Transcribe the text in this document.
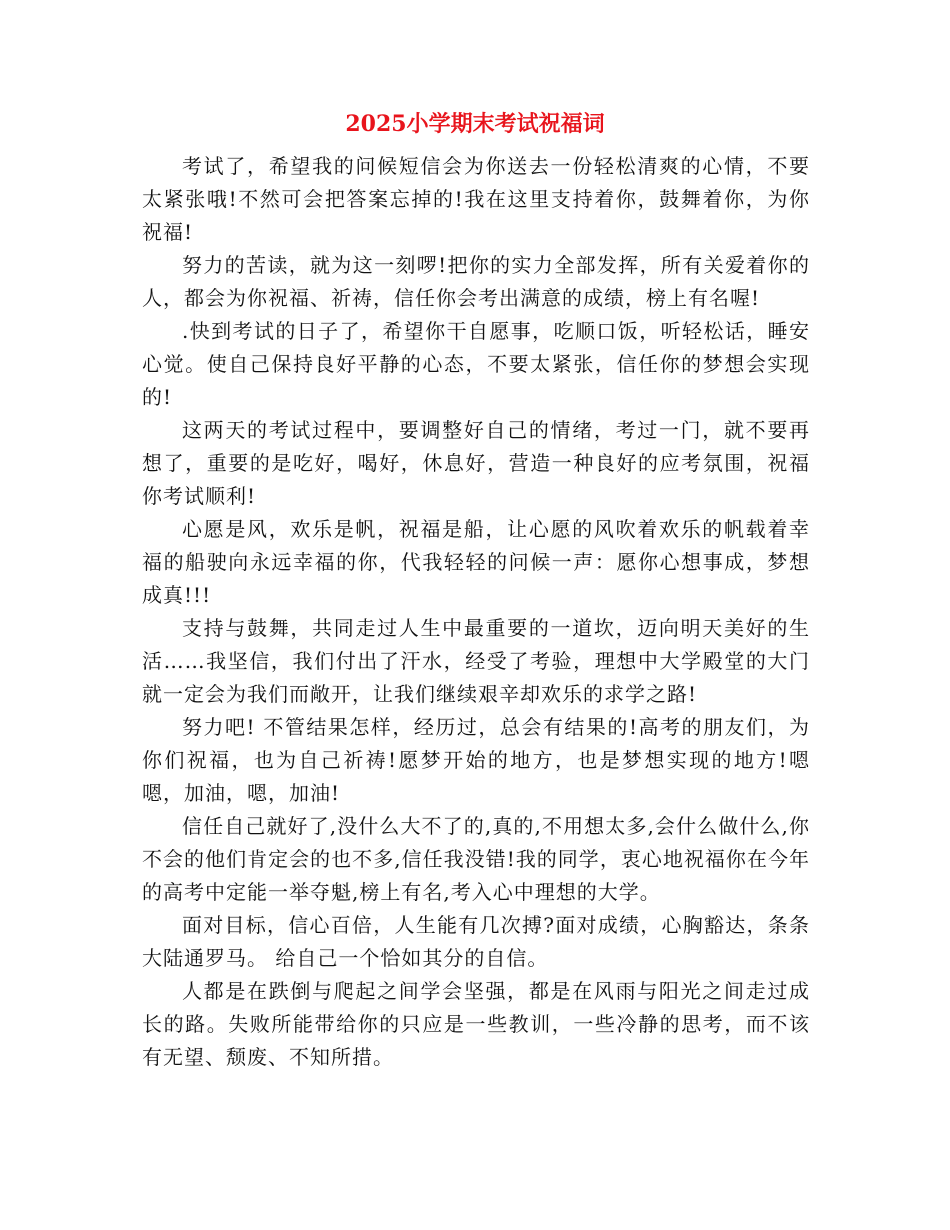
2025小学期末考试祝福词

考试了，希望我的问候短信会为你送去一份轻松清爽的心情，不要太紧张哦!不然可会把答案忘掉的!我在这里支持着你，鼓舞着你，为你祝福!

努力的苦读，就为这一刻啰!把你的实力全部发挥，所有关爱着你的人，都会为你祝福、祈祷，信任你会考出满意的成绩，榜上有名喔!

.快到考试的日子了，希望你干自愿事，吃顺口饭，听轻松话，睡安心觉。使自己保持良好平静的心态，不要太紧张，信任你的梦想会实现的!

这两天的考试过程中，要调整好自己的情绪，考过一门，就不要再想了，重要的是吃好，喝好，休息好，营造一种良好的应考氛围，祝福你考试顺利!

心愿是风，欢乐是帆，祝福是船，让心愿的风吹着欢乐的帆载着幸福的船驶向永远幸福的你，代我轻轻的问候一声：愿你心想事成，梦想成真!!!

支持与鼓舞，共同走过人生中最重要的一道坎，迈向明天美好的生活……我坚信，我们付出了汗水，经受了考验，理想中大学殿堂的大门就一定会为我们而敞开，让我们继续艰辛却欢乐的求学之路!

努力吧! 不管结果怎样，经历过，总会有结果的!高考的朋友们，为你们祝福，也为自己祈祷!愿梦开始的地方，也是梦想实现的地方!嗯嗯，加油，嗯，加油!

信任自己就好了,没什么大不了的,真的,不用想太多,会什么做什么,你不会的他们肯定会的也不多,信任我没错!我的同学，衷心地祝福你在今年的高考中定能一举夺魁,榜上有名,考入心中理想的大学。

面对目标，信心百倍，人生能有几次搏?面对成绩，心胸豁达，条条大陆通罗马。 给自己一个恰如其分的自信。

人都是在跌倒与爬起之间学会坚强，都是在风雨与阳光之间走过成长的路。失败所能带给你的只应是一些教训，一些冷静的思考，而不该有无望、颓废、不知所措。
